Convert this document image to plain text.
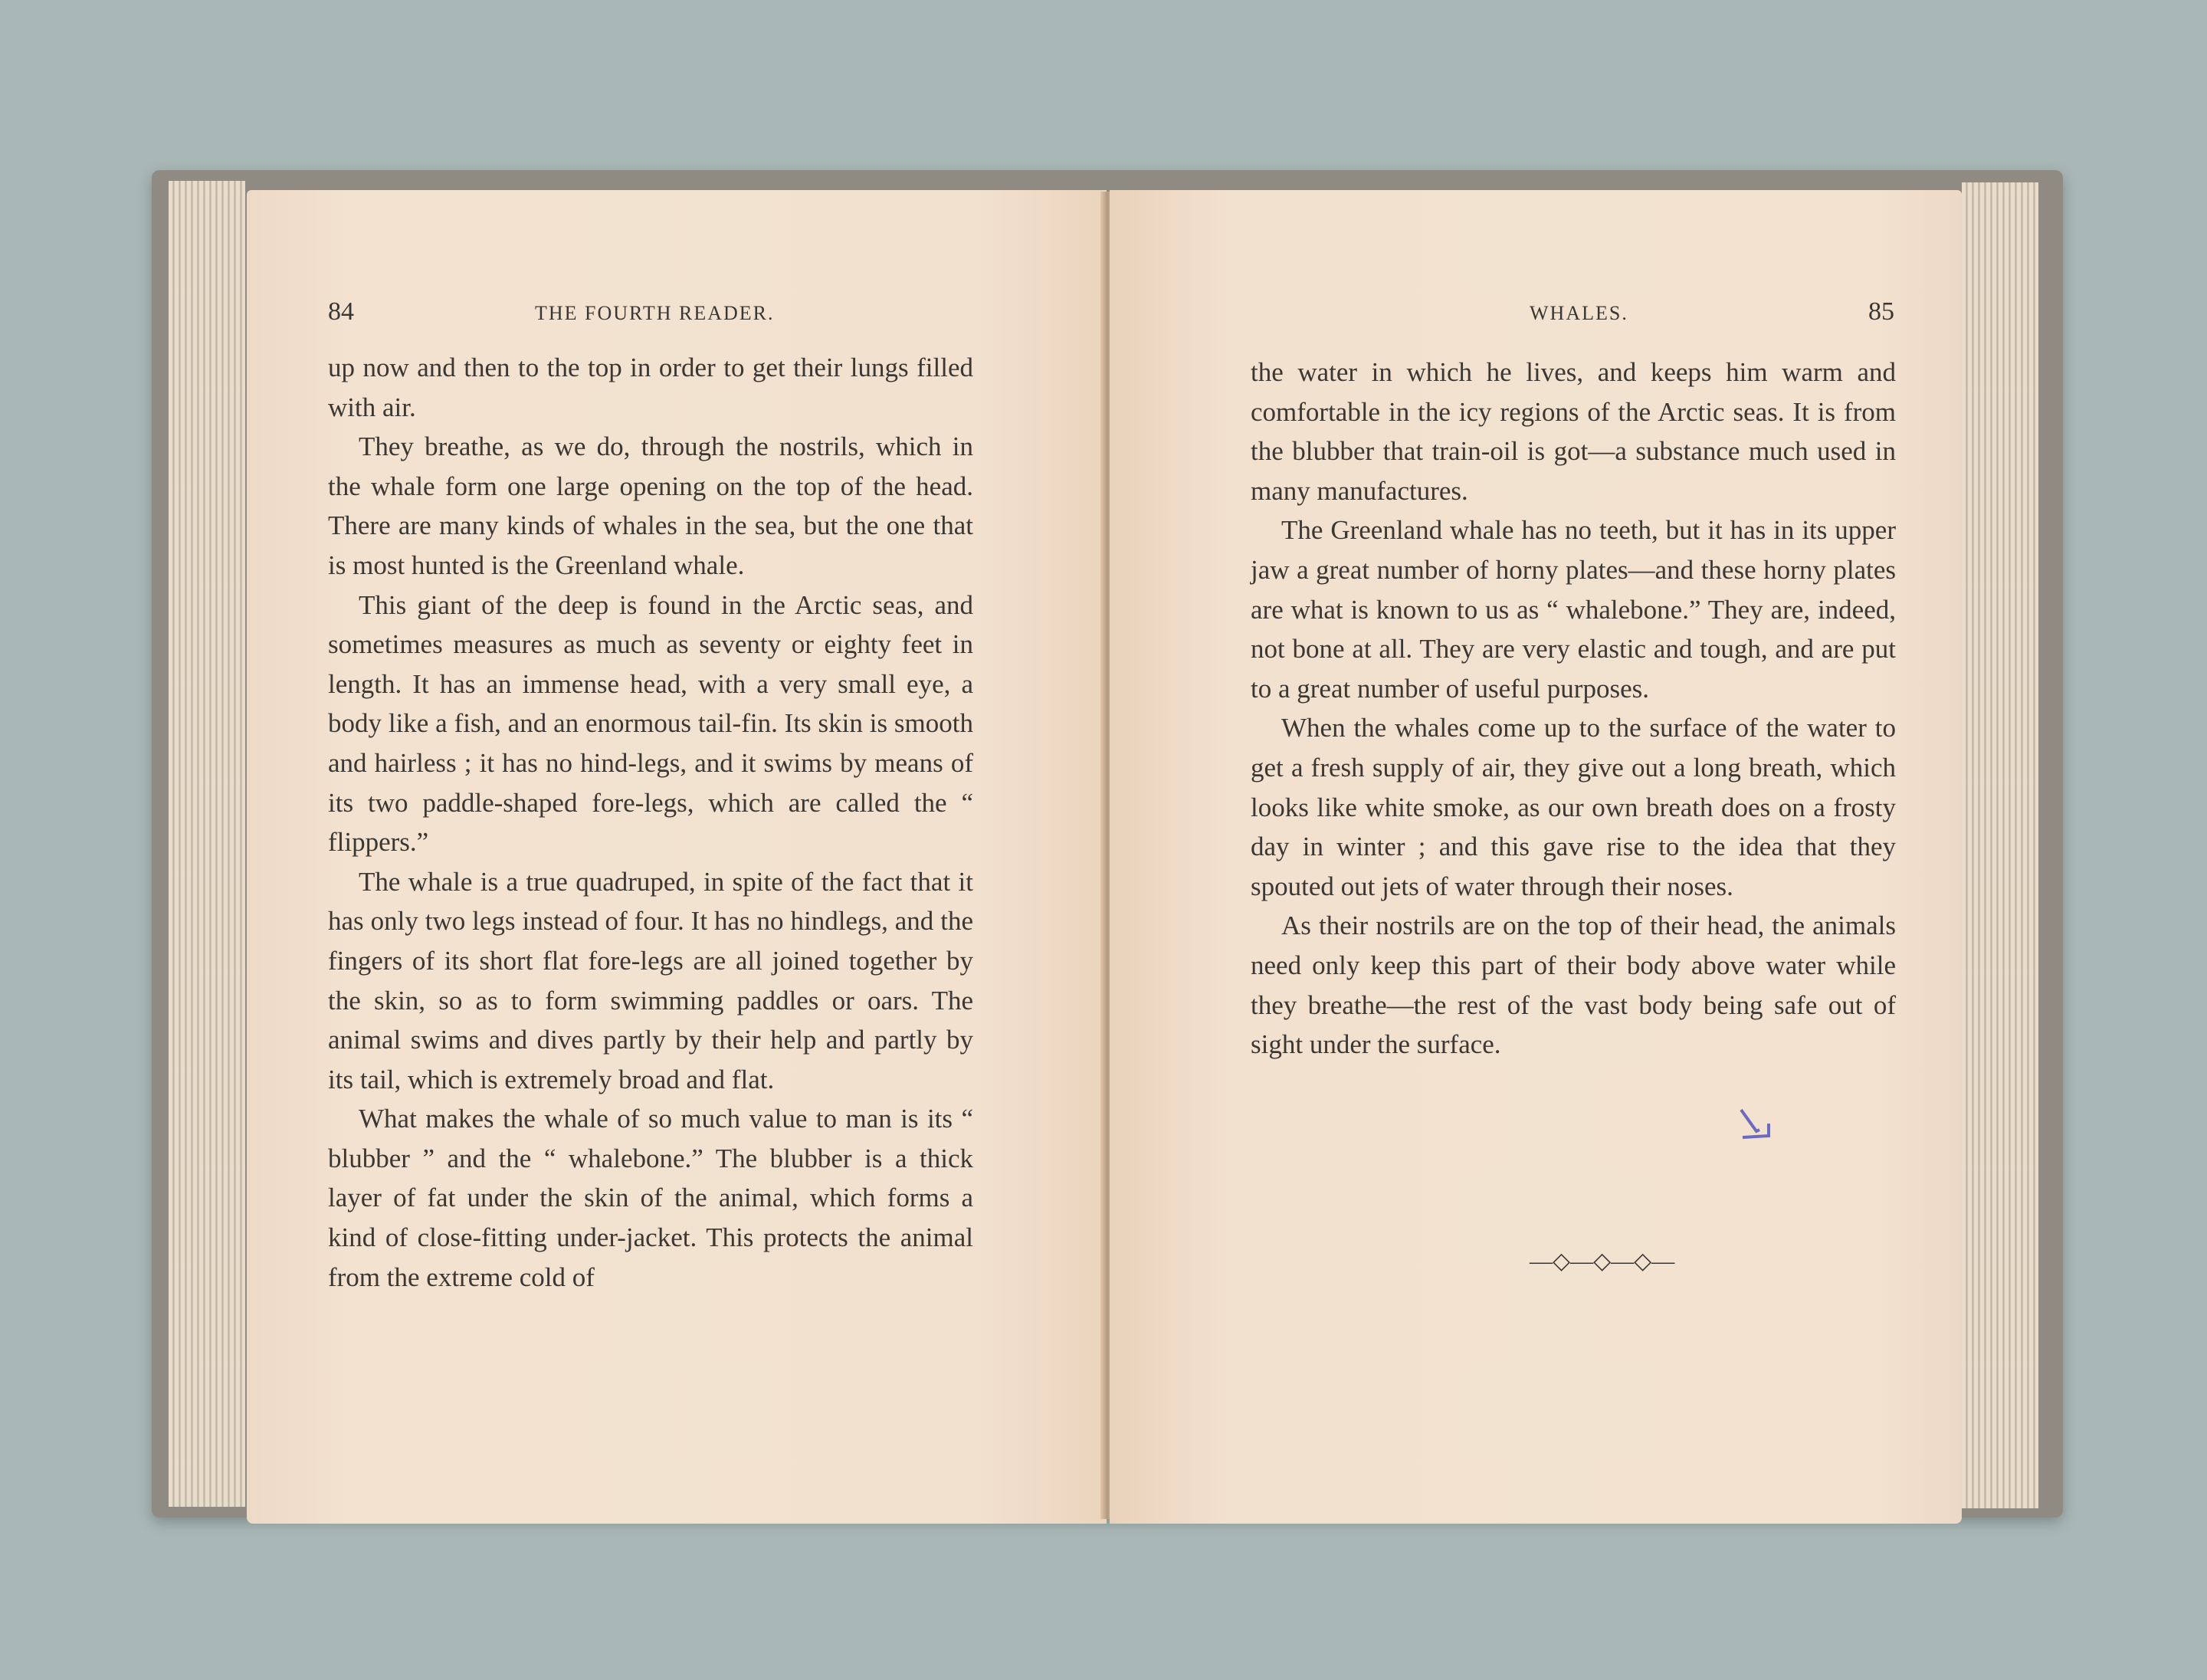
84	THE FOURTH READER.

up now and then to the top in order to get their lungs filled with air.

They breathe, as we do, through the nostrils, which in the whale form one large opening on the top of the head. There are many kinds of whales in the sea, but the one that is most hunted is the Greenland whale.

This giant of the deep is found in the Arctic seas, and sometimes measures as much as seventy or eighty feet in length. It has an immense head, with a very small eye, a body like a fish, and an enormous tail-fin. Its skin is smooth and hairless ; it has no hind-legs, and it swims by means of its two paddle-shaped fore-legs, which are called the “ flippers.”

The whale is a true quadruped, in spite of the fact that it has only two legs instead of four. It has no hindlegs, and the fingers of its short flat fore-legs are all joined together by the skin, so as to form swimming paddles or oars. The animal swims and dives partly by their help and partly by its tail, which is extremely broad and flat.

What makes the whale of so much value to man is its “ blubber ” and the “ whalebone.” The blubber is a thick layer of fat under the skin of the animal, which forms a kind of close-fitting under-jacket. This protects the animal from the extreme cold of

WHALES.	85

the water in which he lives, and keeps him warm and comfortable in the icy regions of the Arctic seas. It is from the blubber that train-oil is got—a substance much used in many manufactures.

The Greenland whale has no teeth, but it has in its upper jaw a great number of horny plates—and these horny plates are what is known to us as “ whalebone.” They are, indeed, not bone at all. They are very elastic and tough, and are put to a great number of useful purposes.

When the whales come up to the surface of the water to get a fresh supply of air, they give out a long breath, which looks like white smoke, as our own breath does on a frosty day in winter ; and this gave rise to the idea that they spouted out jets of water through their noses.

As their nostrils are on the top of their head, the animals need only keep this part of their body above water while they breathe—the rest of the vast body being safe out of sight under the surface.

—◇—◇—◇—
